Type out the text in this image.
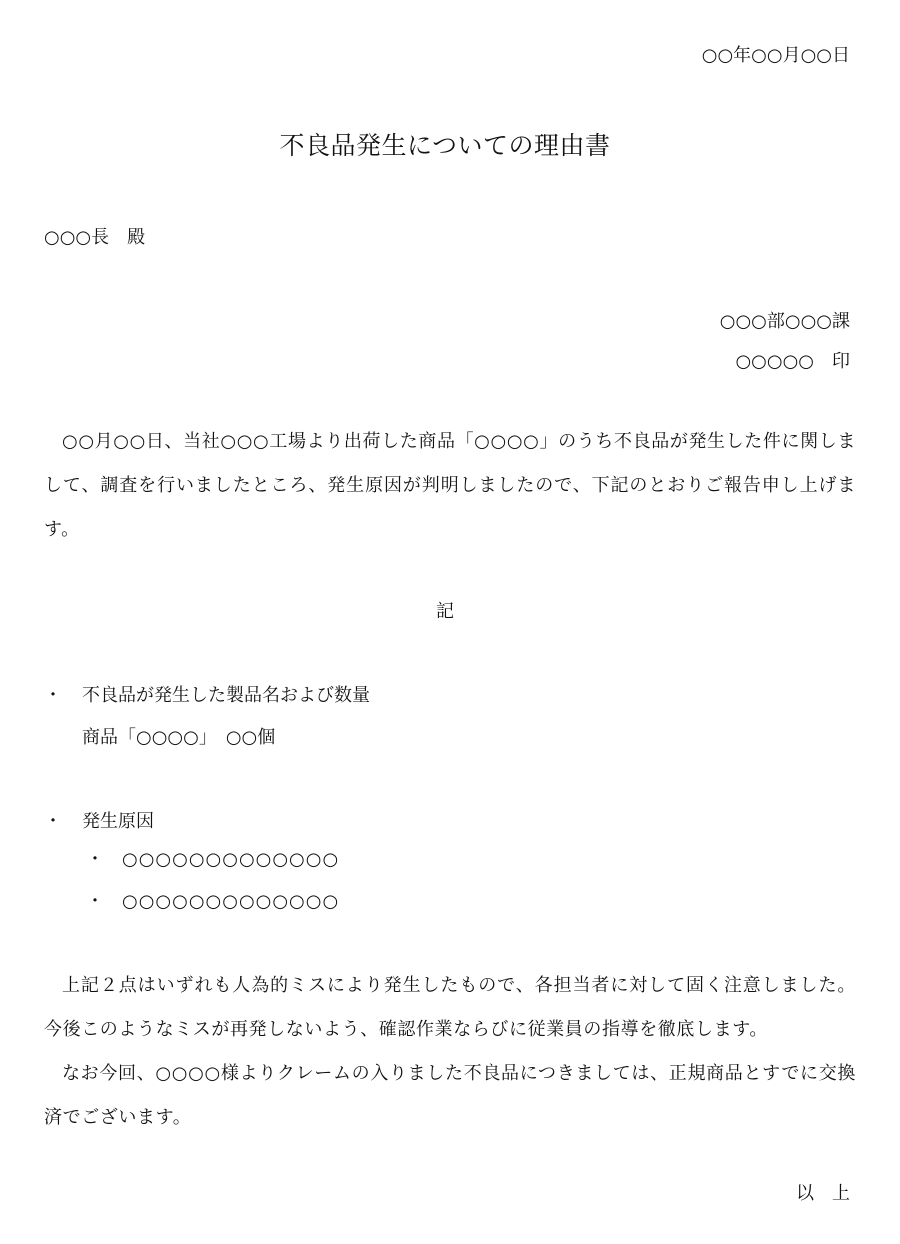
○○年○○月○○日
不良品発生についての理由書
○○○長　殿
○○○部○○○課
○○○○○　印
○○月○○日、当社○○○工場より出荷した商品「○○○○」のうち不良品が発生した件に関しまして、調査を行いましたところ、発生原因が判明しましたので、下記のとおりご報告申し上げます。
記
・ 不良品が発生した製品名および数量
商品「○○○○」　○○個
・ 発生原因
・ ○○○○○○○○○○○○○
・ ○○○○○○○○○○○○○
上記２点はいずれも人為的ミスにより発生したもので、各担当者に対して固く注意しました。今後このようなミスが再発しないよう、確認作業ならびに従業員の指導を徹底します。
なお今回、○○○○様よりクレームの入りました不良品につきましては、正規商品とすでに交換済でございます。
以　上
